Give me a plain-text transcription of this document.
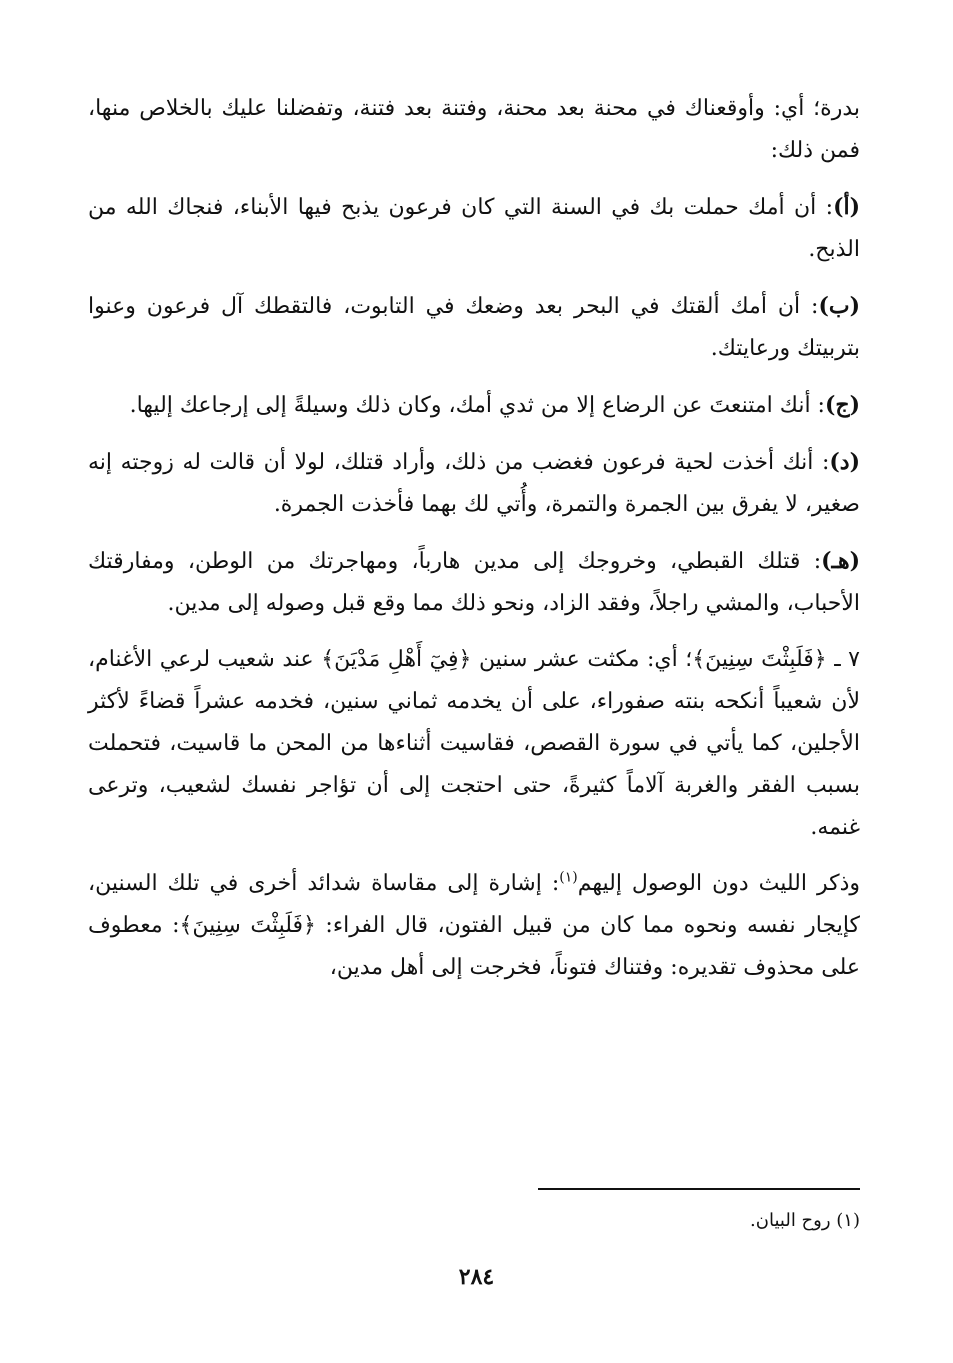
بدرة؛ أي: وأوقعناك في محنة بعد محنة، وفتنة بعد فتنة، وتفضلنا عليك بالخلاص منها، فمن ذلك:

(أ): أن أمك حملت بك في السنة التي كان فرعون يذبح فيها الأبناء، فنجاك الله من الذبح.

(ب): أن أمك ألقتك في البحر بعد وضعك في التابوت، فالتقطك آل فرعون وعنوا بتربيتك ورعايتك.

(ج): أنك امتنعتَ عن الرضاع إلا من ثدي أمك، وكان ذلك وسيلةً إلى إرجاعك إليها.

(د): أنك أخذت لحية فرعون فغضب من ذلك، وأراد قتلك، لولا أن قالت له زوجته إنه صغير، لا يفرق بين الجمرة والتمرة، وأُتي لك بهما فأخذت الجمرة.

(هـ): قتلك القبطي، وخروجك إلى مدين هارباً، ومهاجرتك من الوطن، ومفارقتك الأحباب، والمشي راجلاً، وفقد الزاد، ونحو ذلك مما وقع قبل وصوله إلى مدين.

٧ ـ ﴿فَلَبِثْتَ سِنِينَ﴾؛ أي: مكثت عشر سنين ﴿فِيٓ أَهْلِ مَدْيَنَ﴾ عند شعيب لرعي الأغنام، لأن شعيباً أنكحه بنته صفوراء، على أن يخدمه ثماني سنين، فخدمه عشراً قضاءً لأكثر الأجلين، كما يأتي في سورة القصص، فقاسيت أثناءها من المحن ما قاسيت، فتحملت بسبب الفقر والغربة آلاماً كثيرةً، حتى احتجت إلى أن تؤاجر نفسك لشعيب، وترعى غنمه.

وذكر الليث دون الوصول إليهم$^{(١)}$: إشارة إلى مقاساة شدائد أخرى في تلك السنين، كإيجار نفسه ونحوه مما كان من قبيل الفتون، قال الفراء: ﴿فَلَبِثْتَ سِنِينَ﴾: معطوف على محذوف تقديره: وفتناك فتوناً، فخرجت إلى أهل مدين،

(١) روح البيان.
٢٨٤
